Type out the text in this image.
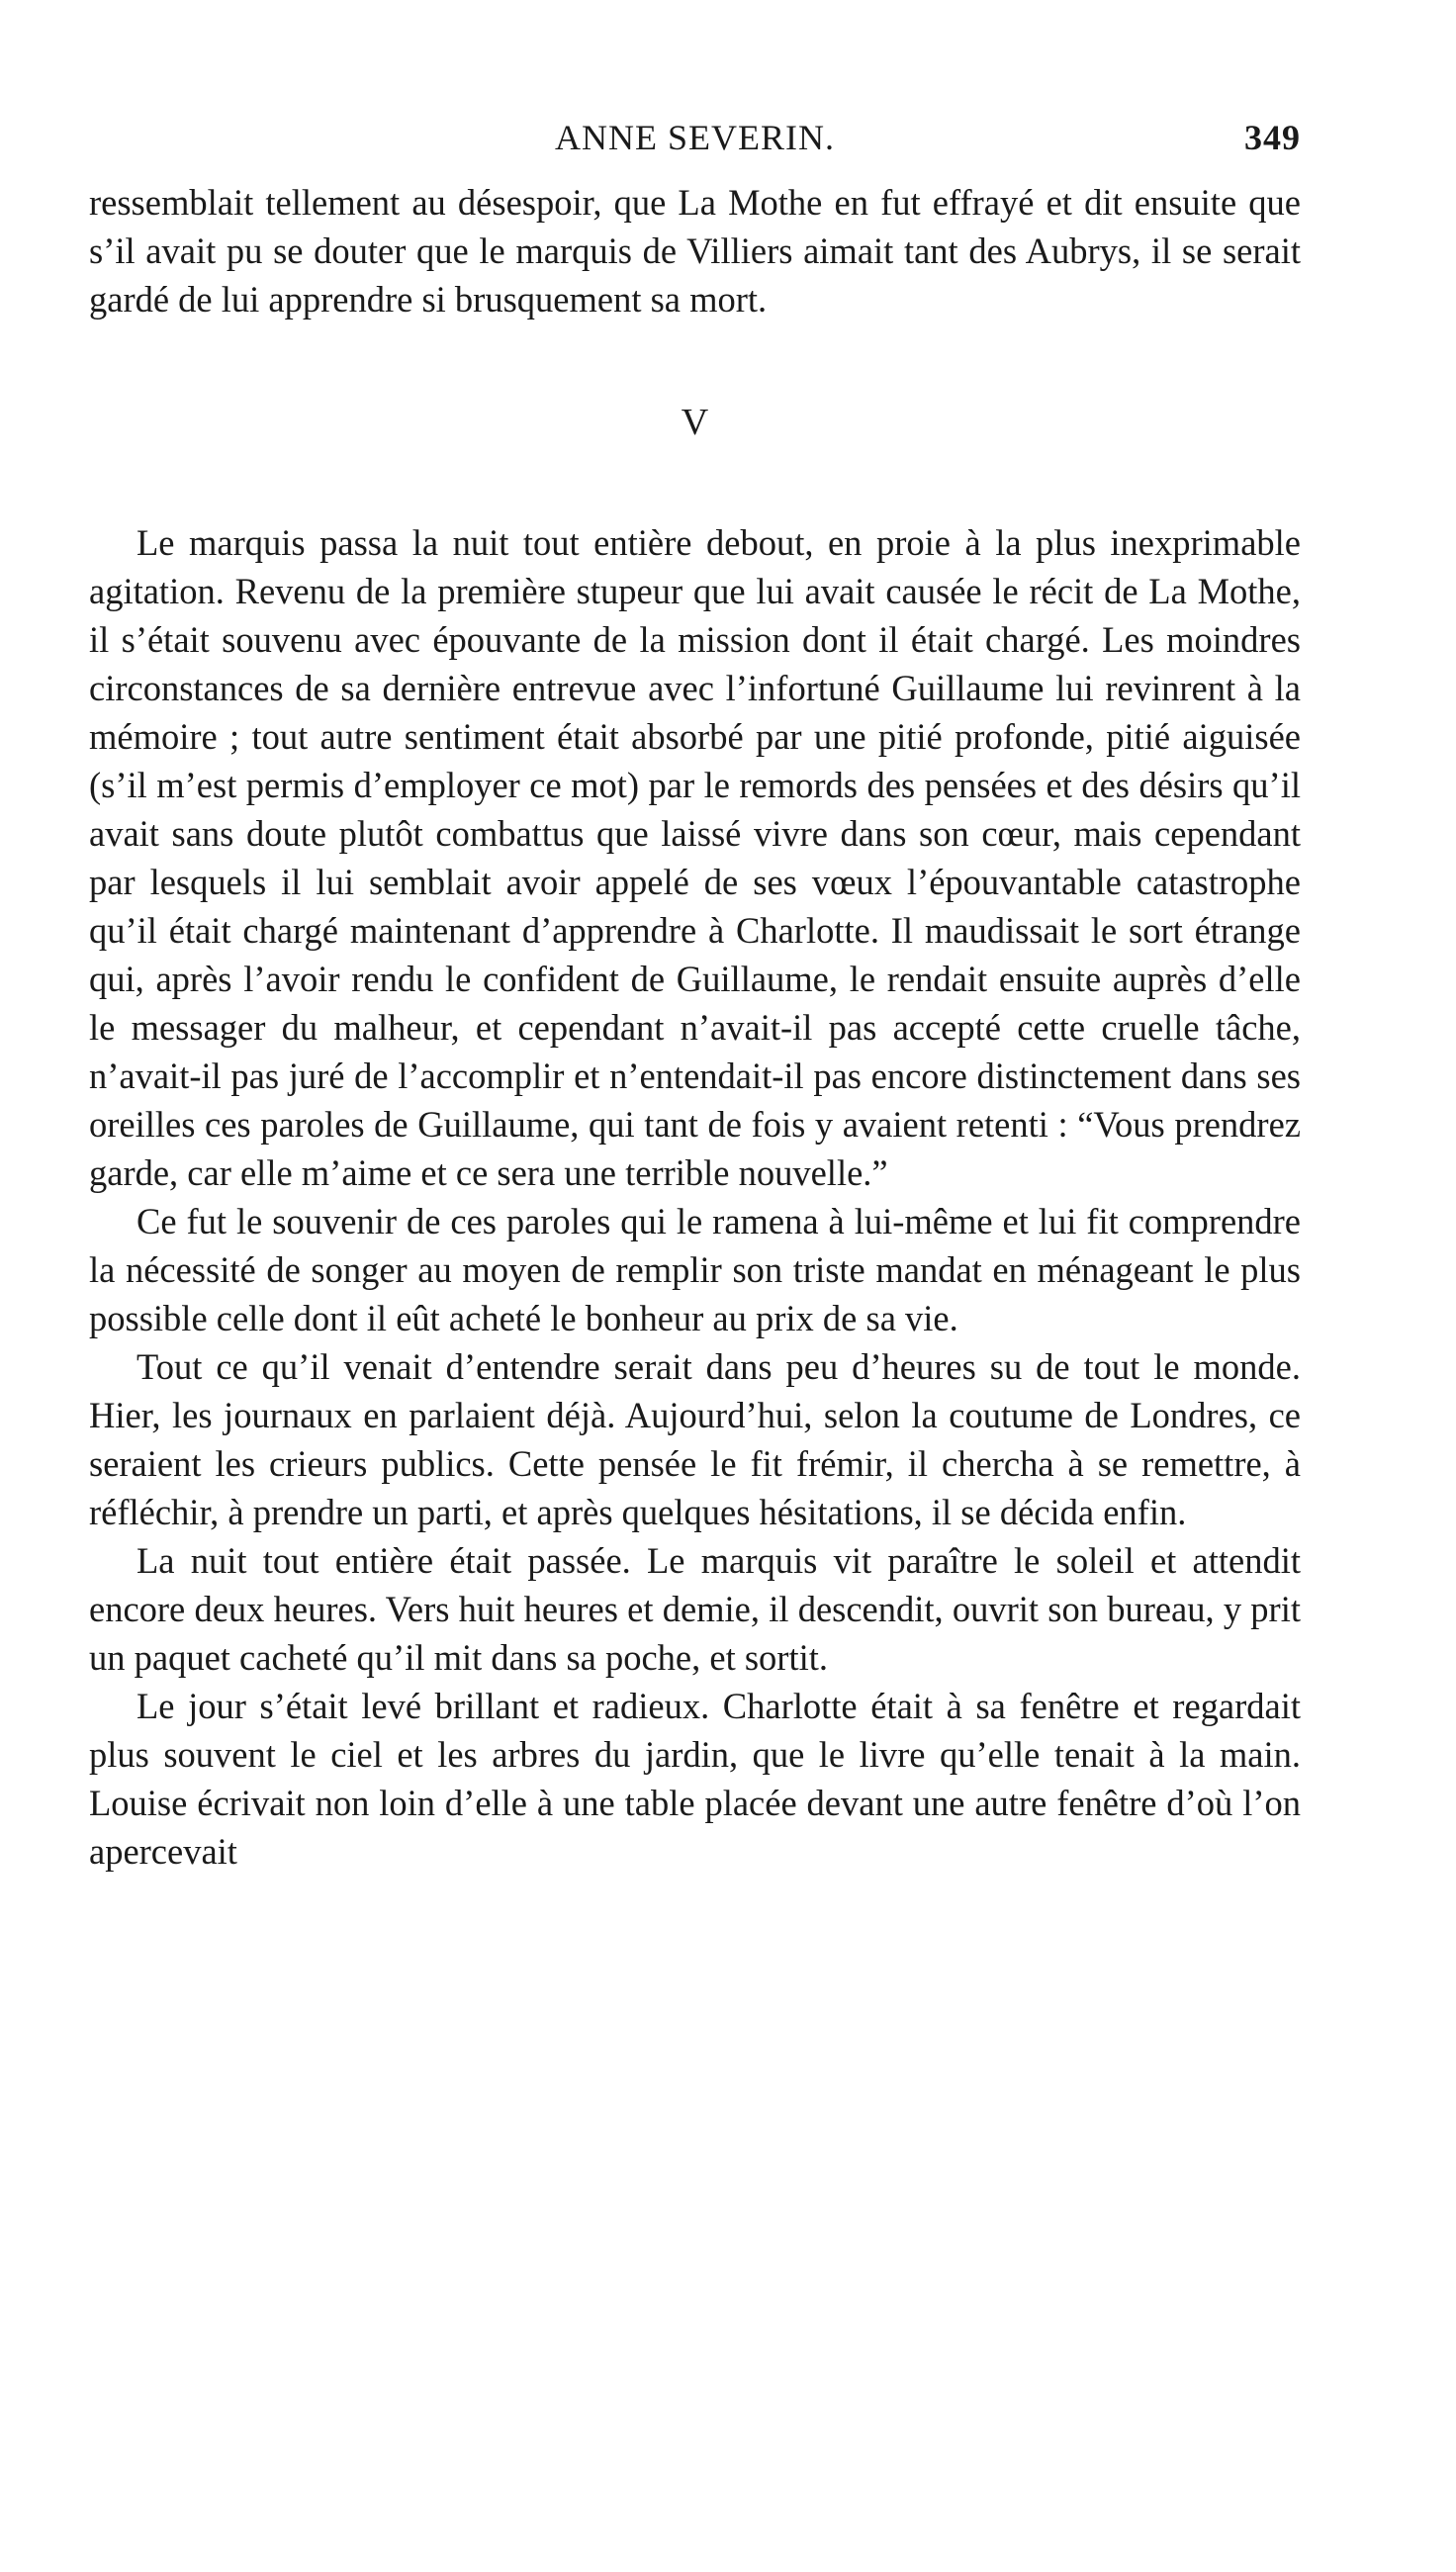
ANNE SEVERIN.	349

ressemblait tellement au désespoir, que La Mothe en fut effrayé et dit ensuite que s’il avait pu se douter que le marquis de Villiers aimait tant des Aubrys, il se serait gardé de lui apprendre si brusquement sa mort.

V

Le marquis passa la nuit tout entière debout, en proie à la plus inexprimable agitation. Revenu de la première stupeur que lui avait causée le récit de La Mothe, il s’était souvenu avec épouvante de la mission dont il était chargé. Les moindres circonstances de sa dernière entrevue avec l’infortuné Guillaume lui revinrent à la mémoire ; tout autre sentiment était absorbé par une pitié profonde, pitié aiguisée (s’il m’est permis d’employer ce mot) par le remords des pensées et des désirs qu’il avait sans doute plutôt combattus que laissé vivre dans son cœur, mais cependant par lesquels il lui semblait avoir appelé de ses vœux l’épouvantable catastrophe qu’il était chargé maintenant d’apprendre à Charlotte. Il maudissait le sort étrange qui, après l’avoir rendu le confident de Guillaume, le rendait ensuite auprès d’elle le messager du malheur, et cependant n’avait-il pas accepté cette cruelle tâche, n’avait-il pas juré de l’accomplir et n’entendait-il pas encore distinctement dans ses oreilles ces paroles de Guillaume, qui tant de fois y avaient retenti : “Vous prendrez garde, car elle m’aime et ce sera une terrible nouvelle.”

Ce fut le souvenir de ces paroles qui le ramena à lui-même et lui fit comprendre la nécessité de songer au moyen de remplir son triste mandat en ménageant le plus possible celle dont il eût acheté le bonheur au prix de sa vie.

Tout ce qu’il venait d’entendre serait dans peu d’heures su de tout le monde. Hier, les journaux en parlaient déjà. Aujourd’hui, selon la coutume de Londres, ce seraient les crieurs publics. Cette pensée le fit frémir, il chercha à se remettre, à réfléchir, à prendre un parti, et après quelques hésitations, il se décida enfin.

La nuit tout entière était passée. Le marquis vit paraître le soleil et attendit encore deux heures. Vers huit heures et demie, il descendit, ouvrit son bureau, y prit un paquet cacheté qu’il mit dans sa poche, et sortit.

Le jour s’était levé brillant et radieux. Charlotte était à sa fenêtre et regardait plus souvent le ciel et les arbres du jardin, que le livre qu’elle tenait à la main. Louise écrivait non loin d’elle à une table placée devant une autre fenêtre d’où l’on apercevait
